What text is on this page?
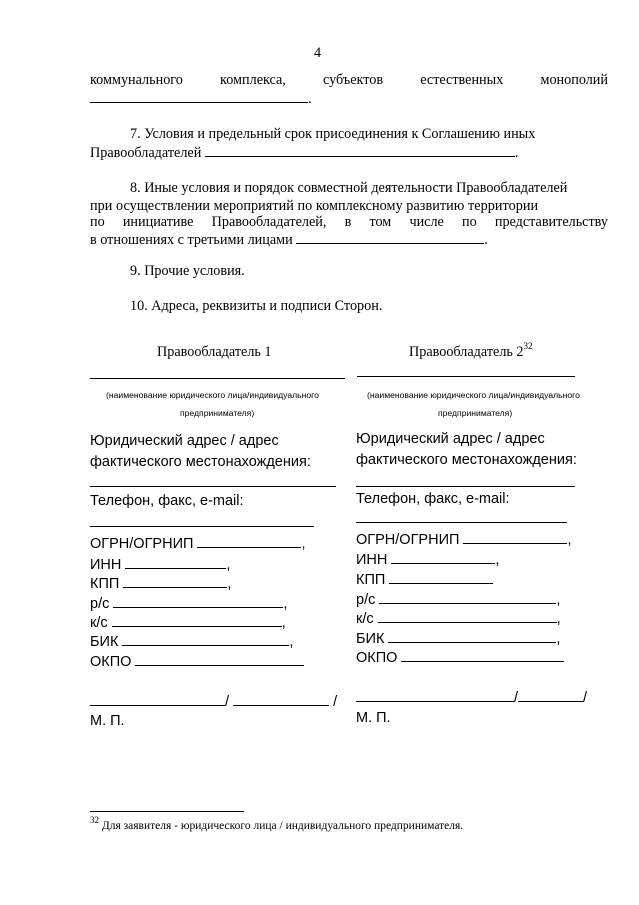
4
коммунального	комплекса,	субъектов	естественных	монополий
.
7. Условия и предельный срок присоединения к Соглашению иных
Правообладателей	.
8. Иные условия и порядок совместной деятельности Правообладателей
при осуществлении мероприятий по комплексному развитию территории
по инициативе Правообладателей, в том числе по представительству
в отношениях с третьими лицами	.
9. Прочие условия.
10. Адреса, реквизиты и подписи Сторон.
Правообладатель 1
(наименование юридического лица/индивидуального
предпринимателя)
Юридический адрес / адрес
фактического местонахождения:
Телефон, факс, e-mail:
ОГРН/ОГРНИП	,
ИНН	,
КПП	,
р/с	,
к/с	,
БИК	,
ОКПО
/	/
М. П.
Правообладатель $2^{32}$
(наименование юридического лица/индивидуального
предпринимателя)
Юридический адрес / адрес
фактического местонахождения:
Телефон, факс, e-mail:
ОГРН/ОГРНИП	,
ИНН	,
КПП
р/с	,
к/с	,
БИК	,
ОКПО
/	/
М. П.
$^{32}$ Для заявителя - юридического лица / индивидуального предпринимателя.
